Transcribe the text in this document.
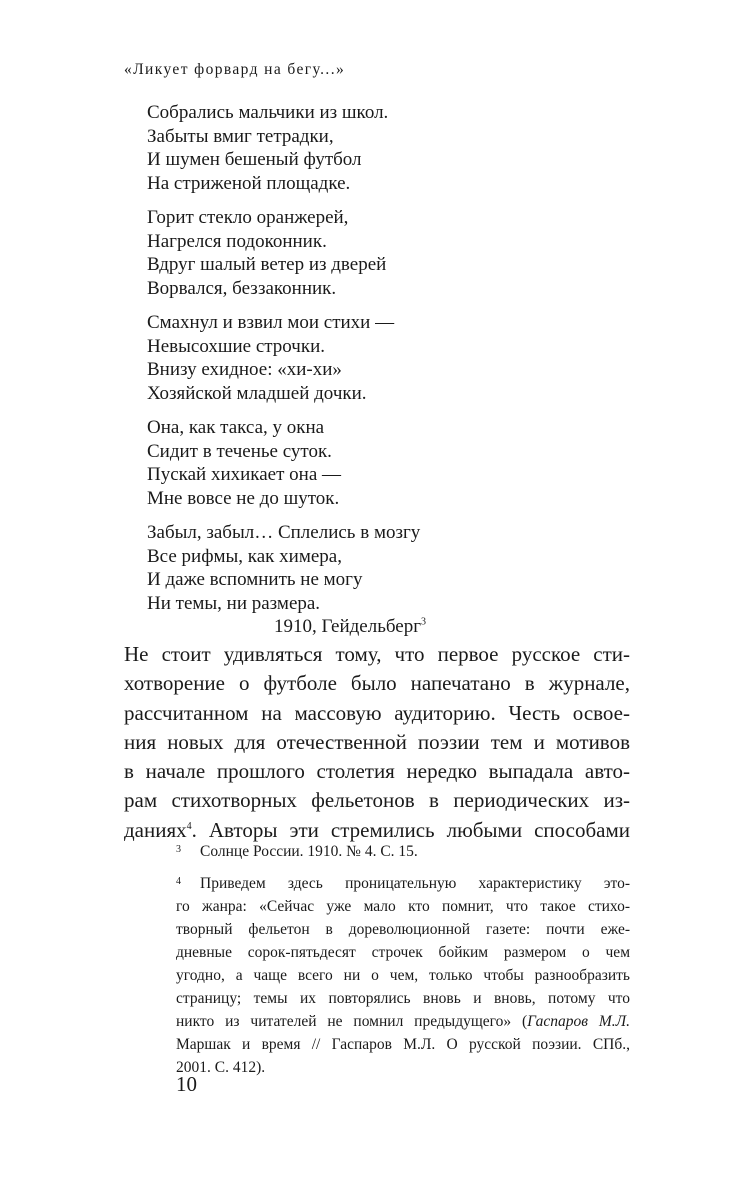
«Ликует форвард на бегу...»
Собрались мальчики из школ.
Забыты вмиг тетрадки,
И шумен бешеный футбол
На стриженой площадке.
Горит стекло оранжерей,
Нагрелся подоконник.
Вдруг шалый ветер из дверей
Ворвался, беззаконник.
Смахнул и взвил мои стихи —
Невысохшие строчки.
Внизу ехидное: «хи-хи»
Хозяйской младшей дочки.
Она, как такса, у окна
Сидит в теченье суток.
Пускай хихикает она —
Мне вовсе не до шуток.
Забыл, забыл… Сплелись в мозгу
Все рифмы, как химера,
И даже вспомнить не могу
Ни темы, ни размера.
1910, Гейдельберг$^3$
Не стоит удивляться тому, что первое русское сти-
хотворение о футболе было напечатано в журнале,
рассчитанном на массовую аудиторию. Честь освое-
ния новых для отечественной поэзии тем и мотивов
в начале прошлого столетия нередко выпадала авто-
рам стихотворных фельетонов в периодических из-
даниях$^4$. Авторы эти стремились любыми способами
3	Солнце России. 1910. № 4. С. 15.
4	Приведем здесь проницательную характеристику это-
го жанра: «Сейчас уже мало кто помнит, что такое стихо-
творный фельетон в дореволюционной газете: почти еже-
дневные сорок-пятьдесят строчек бойким размером о чем
угодно, а чаще всего ни о чем, только чтобы разнообразить
страницу; темы их повторялись вновь и вновь, потому что
никто из читателей не помнил предыдущего» (Гаспаров М.Л.
Маршак и время // Гаспаров М.Л. О русской поэзии. СПб.,
2001. С. 412).
10
